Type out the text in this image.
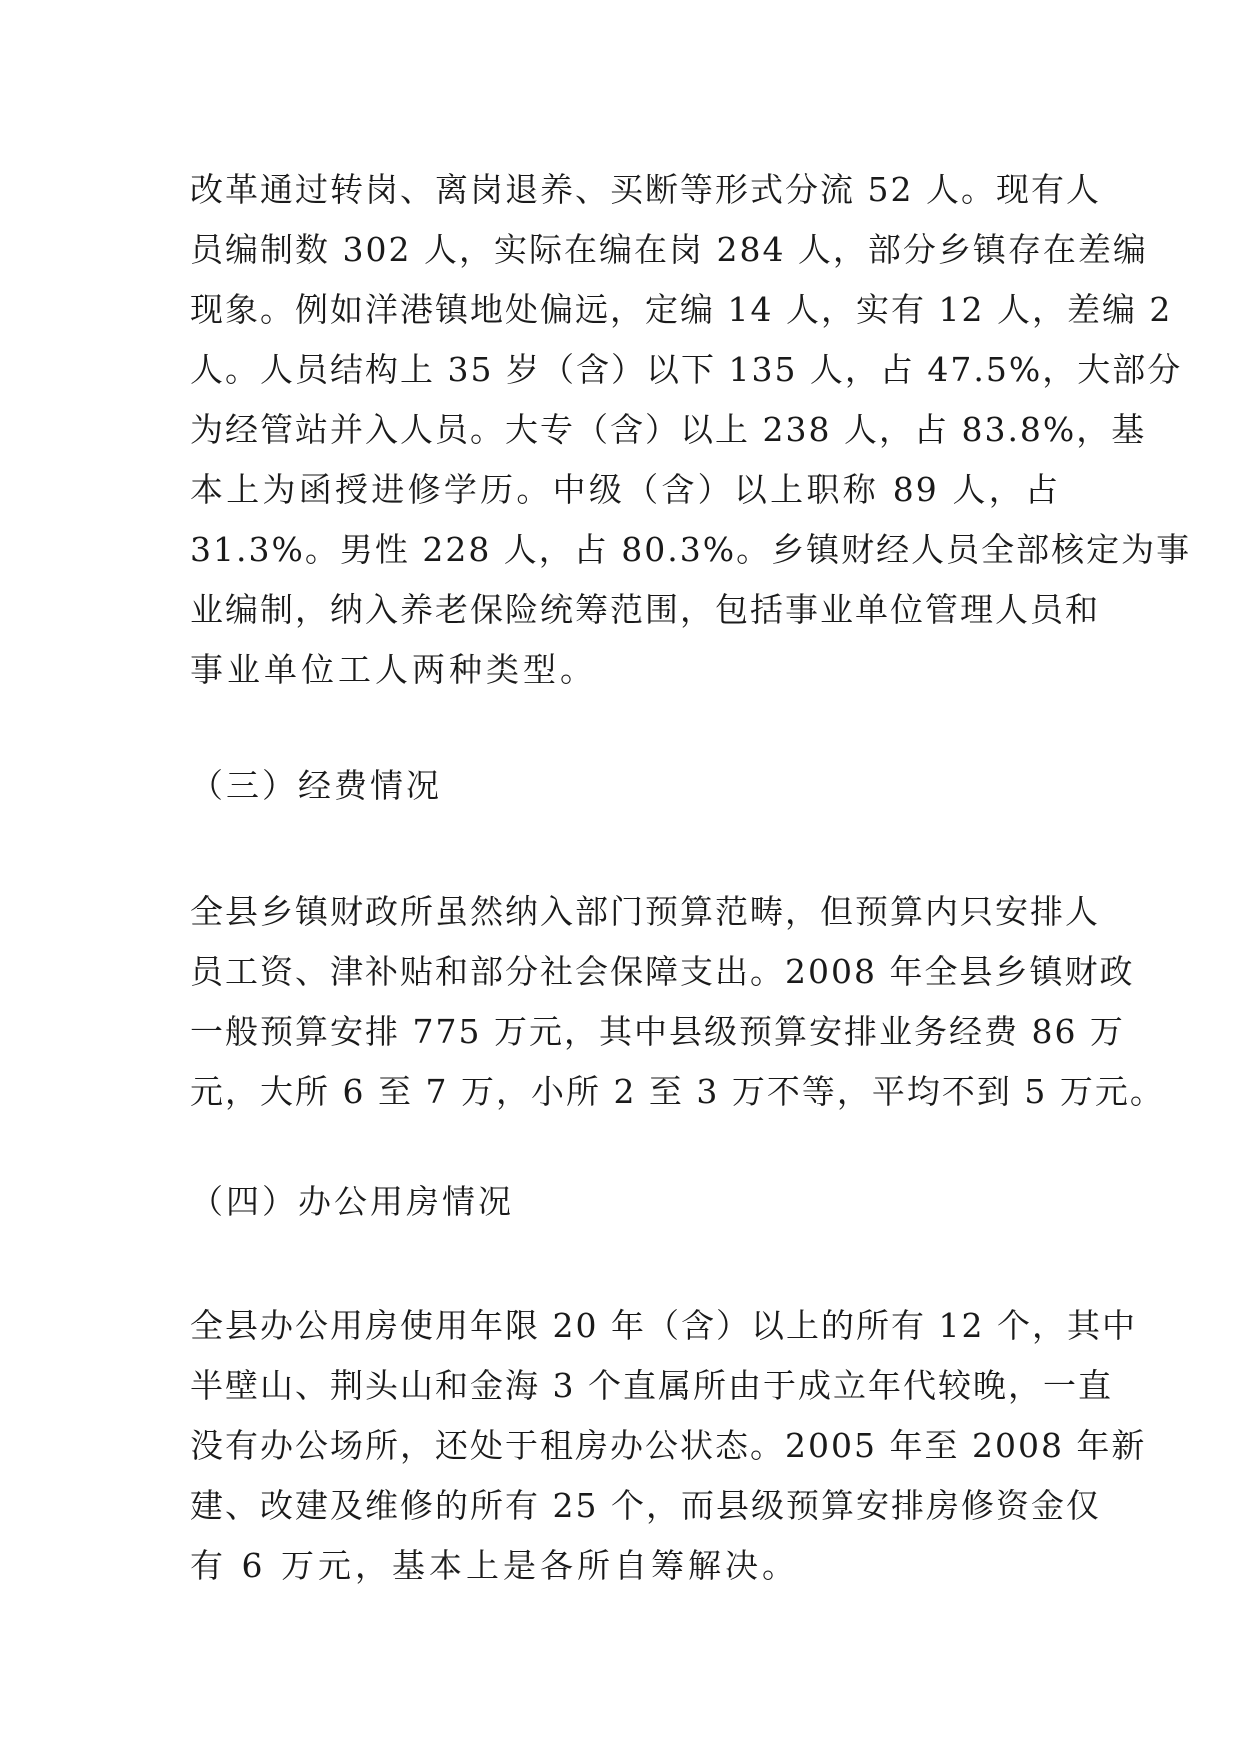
改革通过转岗、离岗退养、买断等形式分流 52 人。现有人
员编制数 302 人，实际在编在岗 284 人，部分乡镇存在差编
现象。例如洋港镇地处偏远，定编 14 人，实有 12 人，差编 2
人。人员结构上 35 岁（含）以下 135 人，占 47.5%，大部分
为经管站并入人员。大专（含）以上 238 人，占 83.8%，基
本上为函授进修学历。中级（含）以上职称 89 人，占
31.3%。男性 228 人，占 80.3%。乡镇财经人员全部核定为事
业编制，纳入养老保险统筹范围，包括事业单位管理人员和
事业单位工人两种类型。
（三）经费情况
全县乡镇财政所虽然纳入部门预算范畴，但预算内只安排人
员工资、津补贴和部分社会保障支出。2008 年全县乡镇财政
一般预算安排 775 万元，其中县级预算安排业务经费 86 万
元，大所 6 至 7 万，小所 2 至 3 万不等，平均不到 5 万元。
（四）办公用房情况
全县办公用房使用年限 20 年（含）以上的所有 12 个，其中
半壁山、荆头山和金海 3 个直属所由于成立年代较晚，一直
没有办公场所，还处于租房办公状态。2005 年至 2008 年新
建、改建及维修的所有 25 个，而县级预算安排房修资金仅
有 6 万元，基本上是各所自筹解决。
